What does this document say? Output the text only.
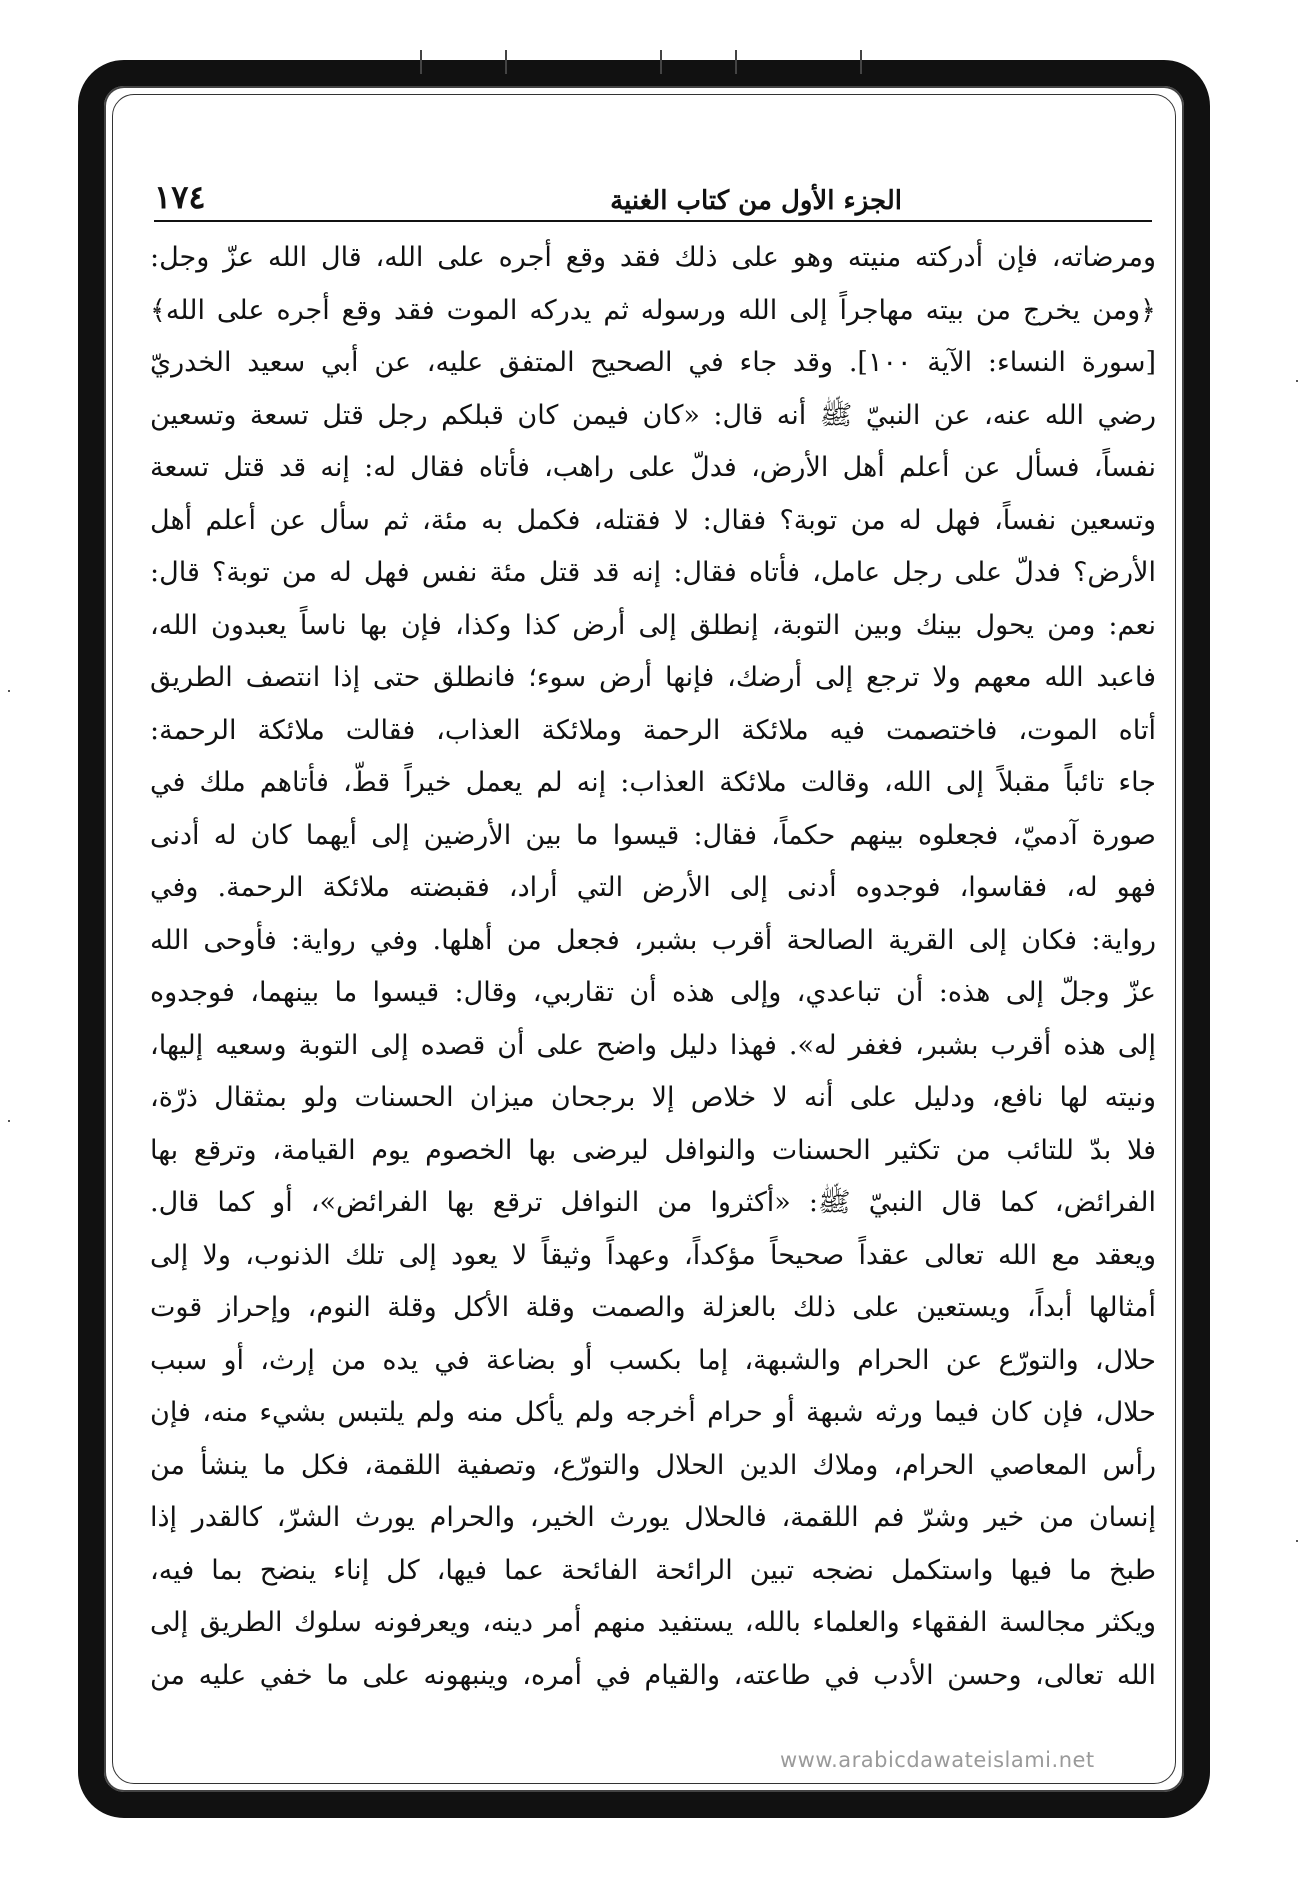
الجزء الأول من كتاب الغنية
١٧٤
ومرضاته، فإن أدركته منيته وهو على ذلك فقد وقع أجره على الله، قال الله عزّ وجل:
﴿ومن يخرج من بيته مهاجراً إلى الله ورسوله ثم يدركه الموت فقد وقع أجره على الله﴾
[سورة النساء: الآية ١٠٠]. وقد جاء في الصحيح المتفق عليه، عن أبي سعيد الخدريّ
رضي الله عنه، عن النبيّ ﷺ أنه قال: «كان فيمن كان قبلكم رجل قتل تسعة وتسعين
نفساً، فسأل عن أعلم أهل الأرض، فدلّ على راهب، فأتاه فقال له: إنه قد قتل تسعة
وتسعين نفساً، فهل له من توبة؟ فقال: لا فقتله، فكمل به مئة، ثم سأل عن أعلم أهل
الأرض؟ فدلّ على رجل عامل، فأتاه فقال: إنه قد قتل مئة نفس فهل له من توبة؟ قال:
نعم: ومن يحول بينك وبين التوبة، إنطلق إلى أرض كذا وكذا، فإن بها ناساً يعبدون الله،
فاعبد الله معهم ولا ترجع إلى أرضك، فإنها أرض سوء؛ فانطلق حتى إذا انتصف الطريق
أتاه الموت، فاختصمت فيه ملائكة الرحمة وملائكة العذاب، فقالت ملائكة الرحمة:
جاء تائباً مقبلاً إلى الله، وقالت ملائكة العذاب: إنه لم يعمل خيراً قطّ، فأتاهم ملك في
صورة آدميّ، فجعلوه بينهم حكماً، فقال: قيسوا ما بين الأرضين إلى أيهما كان له أدنى
فهو له، فقاسوا، فوجدوه أدنى إلى الأرض التي أراد، فقبضته ملائكة الرحمة. وفي
رواية: فكان إلى القرية الصالحة أقرب بشبر، فجعل من أهلها. وفي رواية: فأوحى الله
عزّ وجلّ إلى هذه: أن تباعدي، وإلى هذه أن تقاربي، وقال: قيسوا ما بينهما، فوجدوه
إلى هذه أقرب بشبر، فغفر له». فهذا دليل واضح على أن قصده إلى التوبة وسعيه إليها،
ونيته لها نافع، ودليل على أنه لا خلاص إلا برجحان ميزان الحسنات ولو بمثقال ذرّة،
فلا بدّ للتائب من تكثير الحسنات والنوافل ليرضى بها الخصوم يوم القيامة، وترقع بها
الفرائض، كما قال النبيّ ﷺ: «أكثروا من النوافل ترقع بها الفرائض»، أو كما قال.
ويعقد مع الله تعالى عقداً صحيحاً مؤكداً، وعهداً وثيقاً لا يعود إلى تلك الذنوب، ولا إلى
أمثالها أبداً، ويستعين على ذلك بالعزلة والصمت وقلة الأكل وقلة النوم، وإحراز قوت
حلال، والتورّع عن الحرام والشبهة، إما بكسب أو بضاعة في يده من إرث، أو سبب
حلال، فإن كان فيما ورثه شبهة أو حرام أخرجه ولم يأكل منه ولم يلتبس بشيء منه، فإن
رأس المعاصي الحرام، وملاك الدين الحلال والتورّع، وتصفية اللقمة، فكل ما ينشأ من
إنسان من خير وشرّ فم اللقمة، فالحلال يورث الخير، والحرام يورث الشرّ، كالقدر إذا
طبخ ما فيها واستكمل نضجه تبين الرائحة الفائحة عما فيها، كل إناء ينضح بما فيه،
ويكثر مجالسة الفقهاء والعلماء بالله، يستفيد منهم أمر دينه، ويعرفونه سلوك الطريق إلى
الله تعالى، وحسن الأدب في طاعته، والقيام في أمره، وينبهونه على ما خفي عليه من
www.arabicdawateislami.net
